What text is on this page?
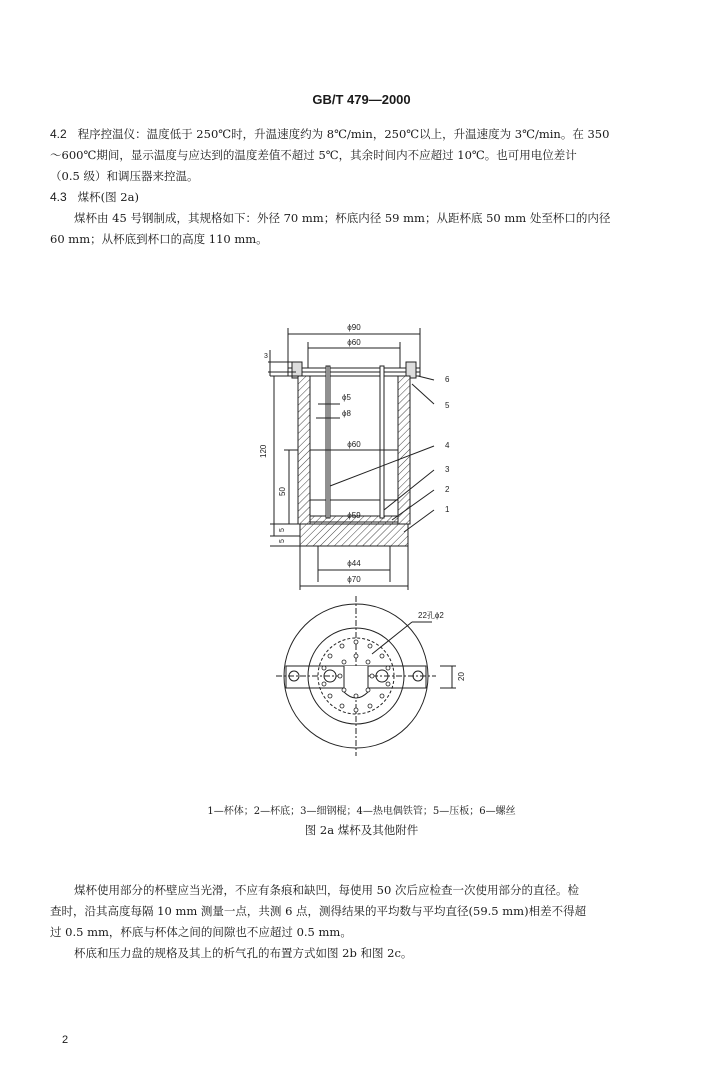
GB/T 479—2000
4.2 程序控温仪：温度低于 250℃时，升温速度约为 8℃/min，250℃以上，升温速度为 3℃/min。在 350
～600℃期间，显示温度与应达到的温度差值不超过 5℃，其余时间内不应超过 10℃。也可用电位差计
（0.5 级）和调压器来控温。
4.3 煤杯(图 2a)
煤杯由 45 号钢制成，其规格如下：外径 70 mm；杯底内径 59 mm；从距杯底 50 mm 处至杯口的内径
60 mm；从杯底到杯口的高度 110 mm。
ϕ90
ϕ60
ϕ5
ϕ8
ϕ60
ϕ59
ϕ44
ϕ70
3
120
50
5
5
6
5
4
3
2
1
22孔ϕ2
20
1—杯体；2—杯底；3—细钢棍；4—热电偶铁管；5—压板；6—螺丝
图 2a 煤杯及其他附件
煤杯使用部分的杯壁应当光滑，不应有条痕和缺凹，每使用 50 次后应检查一次使用部分的直径。检
查时，沿其高度每隔 10 mm 测量一点，共测 6 点，测得结果的平均数与平均直径(59.5 mm)相差不得超
过 0.5 mm，杯底与杯体之间的间隙也不应超过 0.5 mm。
杯底和压力盘的规格及其上的析气孔的布置方式如图 2b 和图 2c。
2
